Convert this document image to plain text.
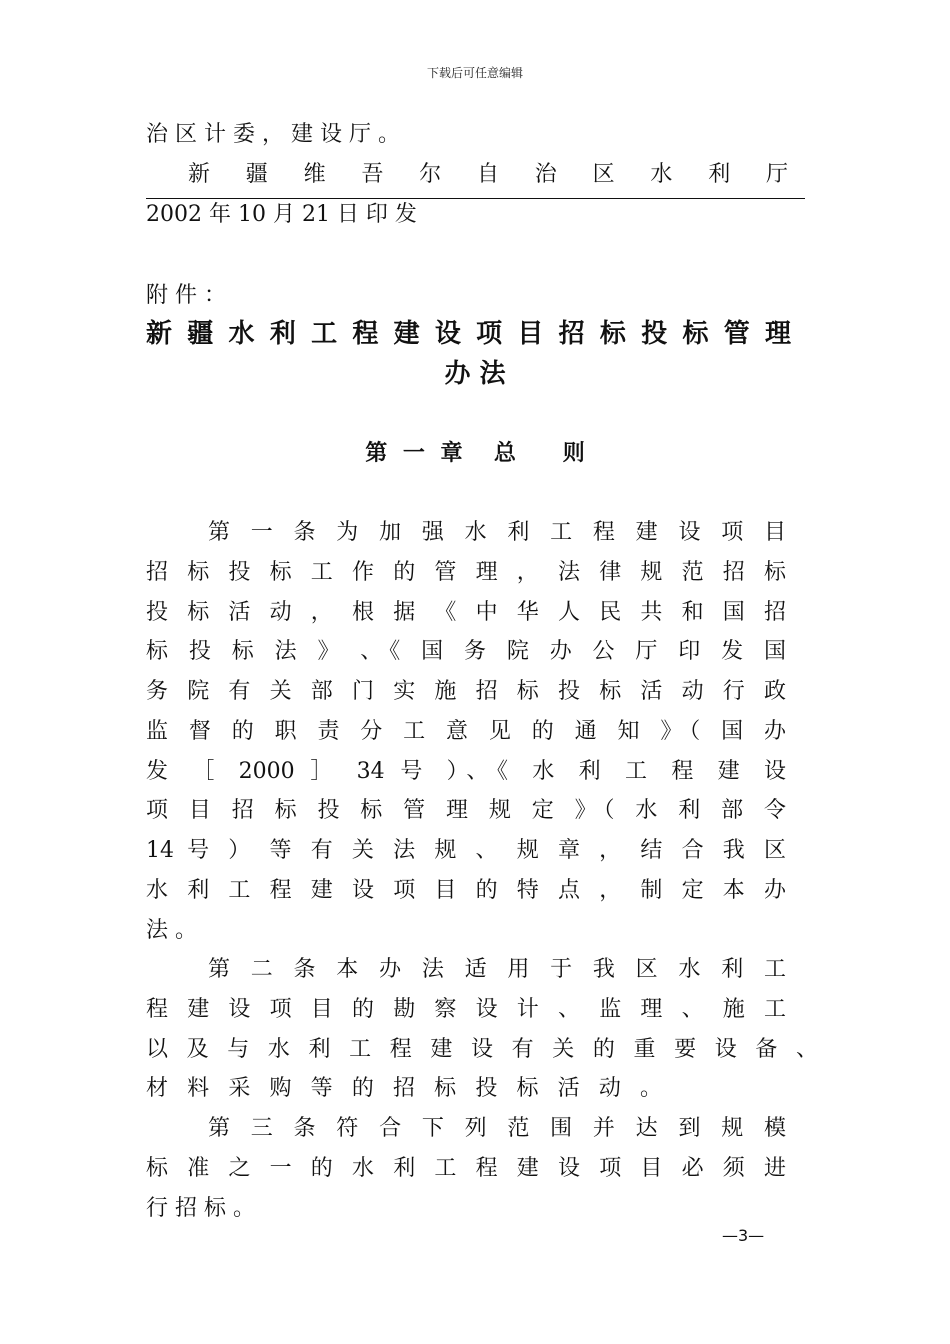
下载后可任意编辑
治 区 计 委 ， 建 设 厅 。
新 疆 维 吾 尔 自 治 区 水 利 厅
2002 年 10 月 21 日 印 发
附 件 ：
新疆水利工程建设项目招标投标管理
办 法
第 一 章  总   则
第 一 条 为 加 强 水 利 工 程 建 设 项 目
招 标 投 标 工 作 的 管 理 ， 法 律 规 范 招 标
投 标 活 动 ， 根 据 《 中 华 人 民 共 和 国 招
标 投 标 法 》 、《 国 务 院 办 公 厅 印 发 国
务 院 有 关 部 门 实 施 招 标 投 标 活 动 行 政
监 督 的 职 责 分 工 意 见 的 通 知 》（ 国 办
发 ［ 2000 ］ 34 号 ）、《 水 利 工 程 建 设
项 目 招 标 投 标 管 理 规 定 》（ 水 利 部 令
14 号 ） 等 有 关 法 规 、 规 章 ， 结 合 我 区
水 利 工 程 建 设 项 目 的 特 点 ， 制 定 本 办
法 。
第 二 条 本 办 法 适 用 于 我 区 水 利 工
程 建 设 项 目 的 勘 察 设 计 、 监 理 、 施 工
以 及 与 水 利 工 程 建 设 有 关 的 重 要 设 备 、
材 料 采 购 等 的 招 标 投 标 活 动 。
第 三 条 符 合 下 列 范 围 并 达 到 规 模
标 准 之 一 的 水 利 工 程 建 设 项 目 必 须 进
行 招 标 。
—3—
